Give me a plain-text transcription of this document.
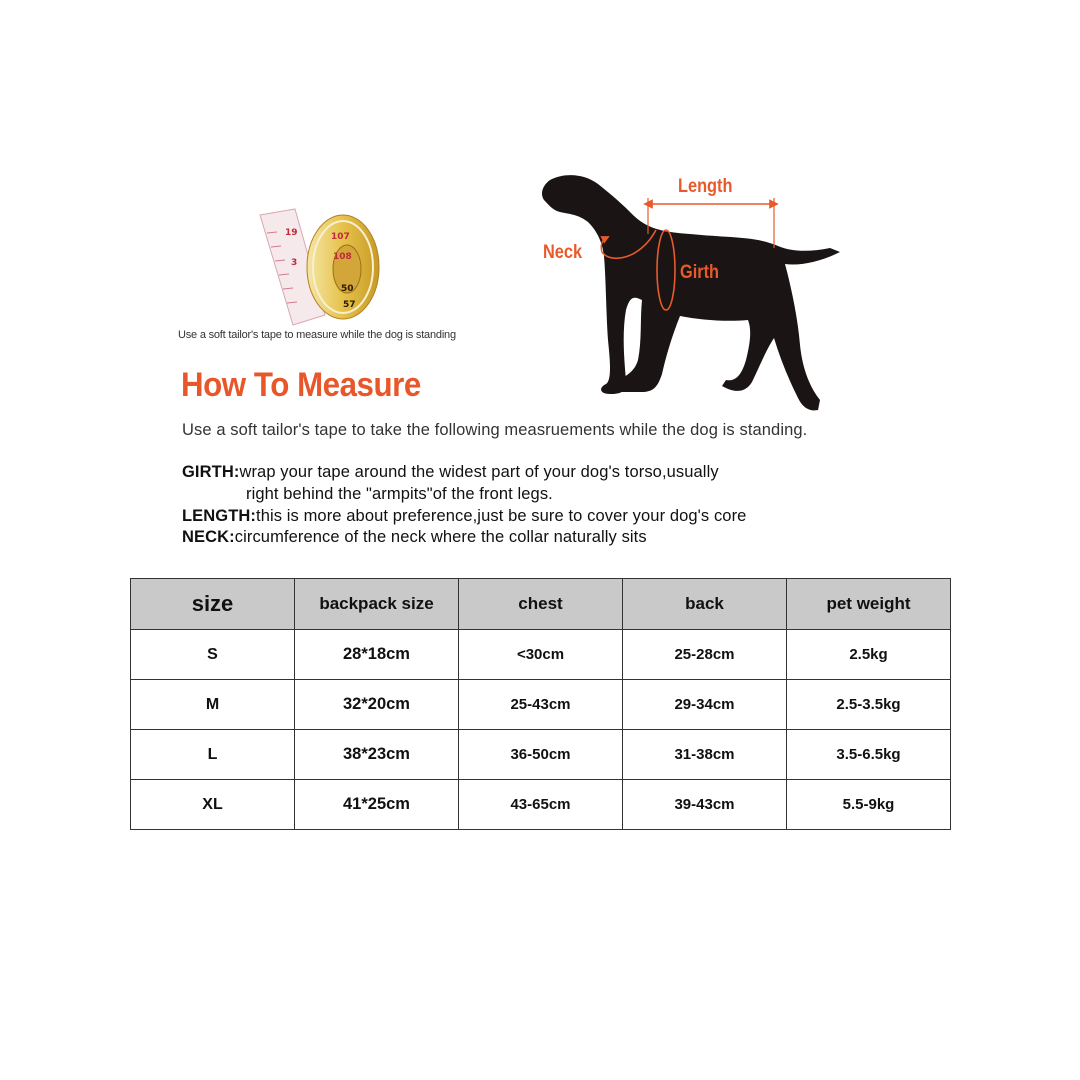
107
108
19
3
50
57
Use a soft tailor's tape to measure while the dog is standing
Length
Neck
Girth
How To Measure
Use a soft tailor's tape to take the following measruements while the dog is standing.
GIRTH:wrap your tape around the widest part of your dog's torso,usually
right behind the "armpits"of the front legs.
LENGTH:this is more about preference,just be sure to cover your dog's core
NECK:circumference of the neck where the collar naturally sits
size	backpack size	chest	back	pet weight
S	28*18cm	<30cm	25-28cm	2.5kg
M	32*20cm	25-43cm	29-34cm	2.5-3.5kg
L	38*23cm	36-50cm	31-38cm	3.5-6.5kg
XL	41*25cm	43-65cm	39-43cm	5.5-9kg
